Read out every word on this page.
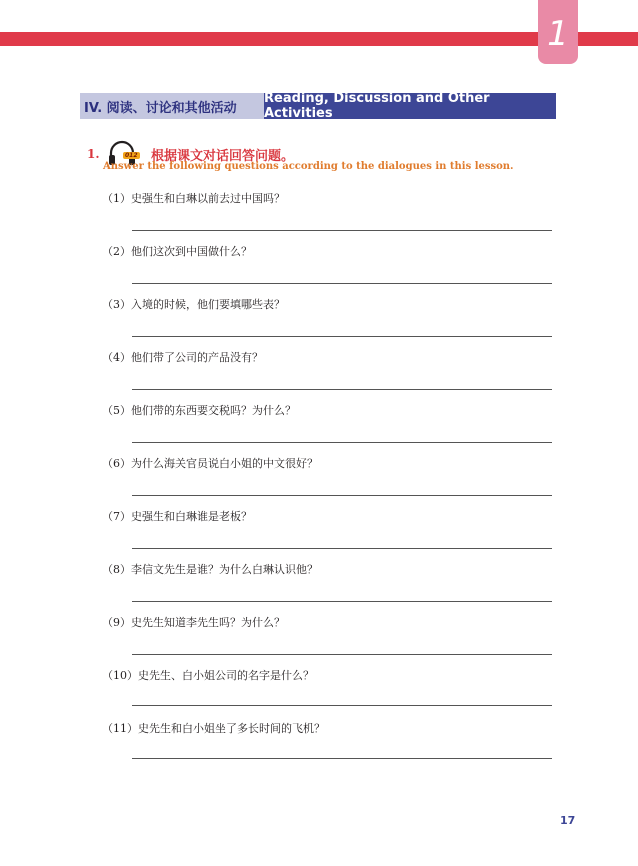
到达中国
Arrival in China
1
IV. 阅读、讨论和其他活动
Reading, Discussion and Other Activities
1.	012 根据课文对话回答问题。
Answer the following questions according to the dialogues in this lesson.
（1）史强生和白琳以前去过中国吗？
（2）他们这次到中国做什么？
（3）入境的时候，他们要填哪些表？
（4）他们带了公司的产品没有？
（5）他们带的东西要交税吗？为什么？
（6）为什么海关官员说白小姐的中文很好？
（7）史强生和白琳谁是老板？
（8）李信文先生是谁？为什么白琳认识他？
（9）史先生知道李先生吗？为什么？
（10）史先生、白小姐公司的名字是什么？
（11）史先生和白小姐坐了多长时间的飞机？
17
